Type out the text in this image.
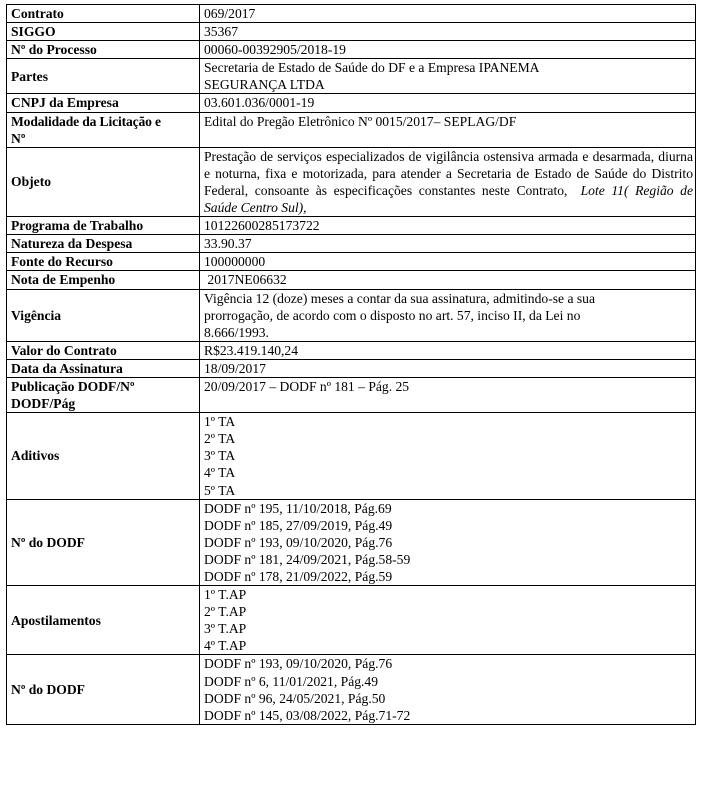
Contrato	069/2017
SIGGO	35367
Nº do Processo	00060-00392905/2018-19
Partes	Secretaria de Estado de Saúde do DF e a Empresa IPANEMA
SEGURANÇA LTDA

CNPJ da Empresa	03.601.036/0001-19

Modalidade da Licitação e
Nº	Edital do Pregão Eletrônico Nº 0015/2017– SEPLAG/DF
Objeto	Prestação de serviços especializados de vigilância ostensiva armada e desarmada, diurna e noturna, fixa e motorizada, para atender a Secretaria de Estado de Saúde do Distrito Federal, consoante às especificações constantes neste Contrato, Lote 11( Região de Saúde Centro Sul),
Programa de Trabalho	10122600285173722
Natureza da Despesa	33.90.37
Fonte do Recurso	100000000
Nota de Empenho	2017NE06632
Vigência	Vigência 12 (doze) meses a contar da sua assinatura, admitindo-se a sua
prorrogação, de acordo com o disposto no art. 57, inciso II, da Lei no
8.666/1993.

Valor do Contrato	R$23.419.140,24
Data da Assinatura	18/09/2017

Publicação DODF/Nº
DODF/Pág	20/09/2017 – DODF nº 181 – Pág. 25
Aditivos	1º TA
2º TA
3º TA
4º TA
5º TA

Nº do DODF	DODF nº 195, 11/10/2018, Pág.69
DODF nº 185, 27/09/2019, Pág.49
DODF nº 193, 09/10/2020, Pág.76
DODF nº 181, 24/09/2021, Pág.58-59
DODF nº 178, 21/09/2022, Pág.59

Apostilamentos	1º T.AP
2º T.AP
3º T.AP
4º T.AP

Nº do DODF	DODF nº 193, 09/10/2020, Pág.76
DODF nº 6, 11/01/2021, Pág.49
DODF nº 96, 24/05/2021, Pág.50
DODF nº 145, 03/08/2022, Pág.71-72
